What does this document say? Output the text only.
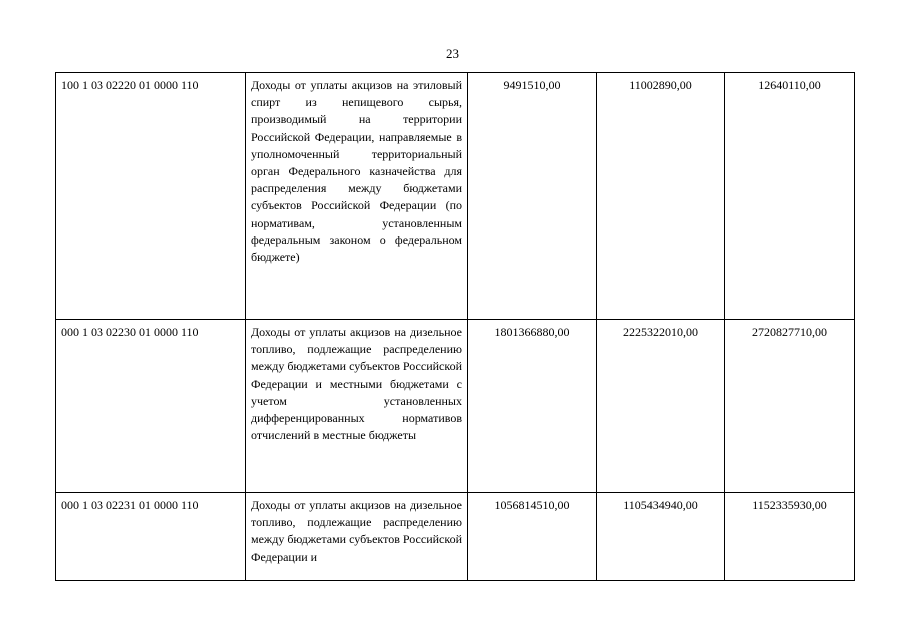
23
100 1 03 02220 01 0000 110	Доходы от уплаты акцизов на этиловый спирт из непищевого сырья, производимый на территории Российской Федерации, направляемые в уполномоченный территориальный орган Федерального казначейства для распределения между бюджетами субъектов Российской Федерации (по нормативам, установленным федеральным законом о федеральном бюджете)	9491510,00	11002890,00	12640110,00
000 1 03 02230 01 0000 110	Доходы от уплаты акцизов на дизельное топливо, подлежащие распределению между бюджетами субъектов Российской Федерации и местными бюджетами с учетом установленных дифференцированных нормативов отчислений в местные бюджеты	1801366880,00	2225322010,00	2720827710,00
000 1 03 02231 01 0000 110	Доходы от уплаты акцизов на дизельное топливо, подлежащие распределению между бюджетами субъектов Российской Федерации и	1056814510,00	1105434940,00	1152335930,00
